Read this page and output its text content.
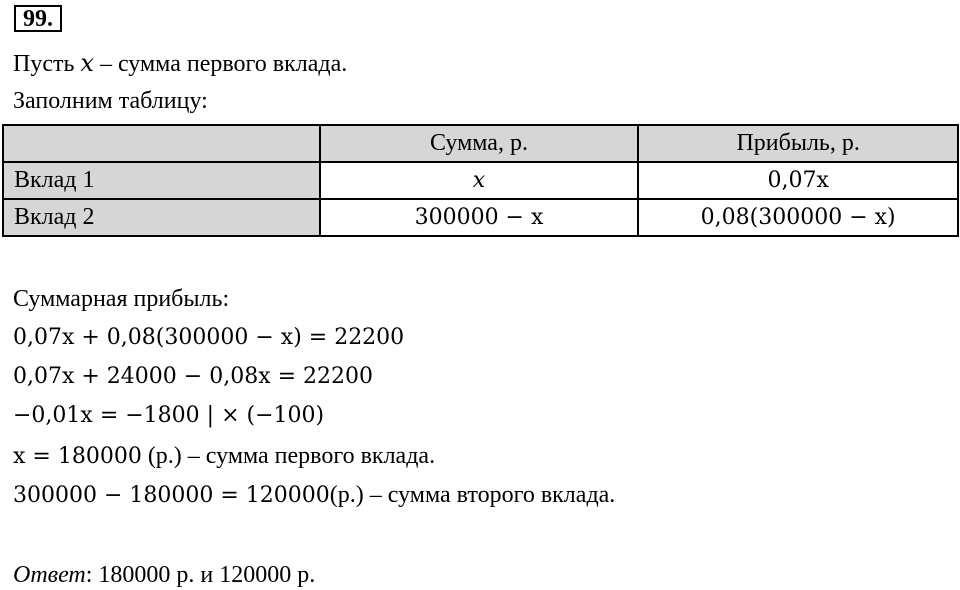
99.
Пусть x – сумма первого вклада.
Заполним таблицу:
	Сумма, р.	Прибыль, р.
Вклад 1	x	0,07x
Вклад 2	300000 − x	0,08(300000 − x)
Суммарная прибыль:
0,07x + 0,08(300000 − x) = 22200
0,07x + 24000 − 0,08x = 22200
−0,01x = −1800 | × (−100)
x = 180000 (р.) – сумма первого вклада.
300000 − 180000 = 120000(р.) – сумма второго вклада.
Ответ: 180000 р. и 120000 р.
